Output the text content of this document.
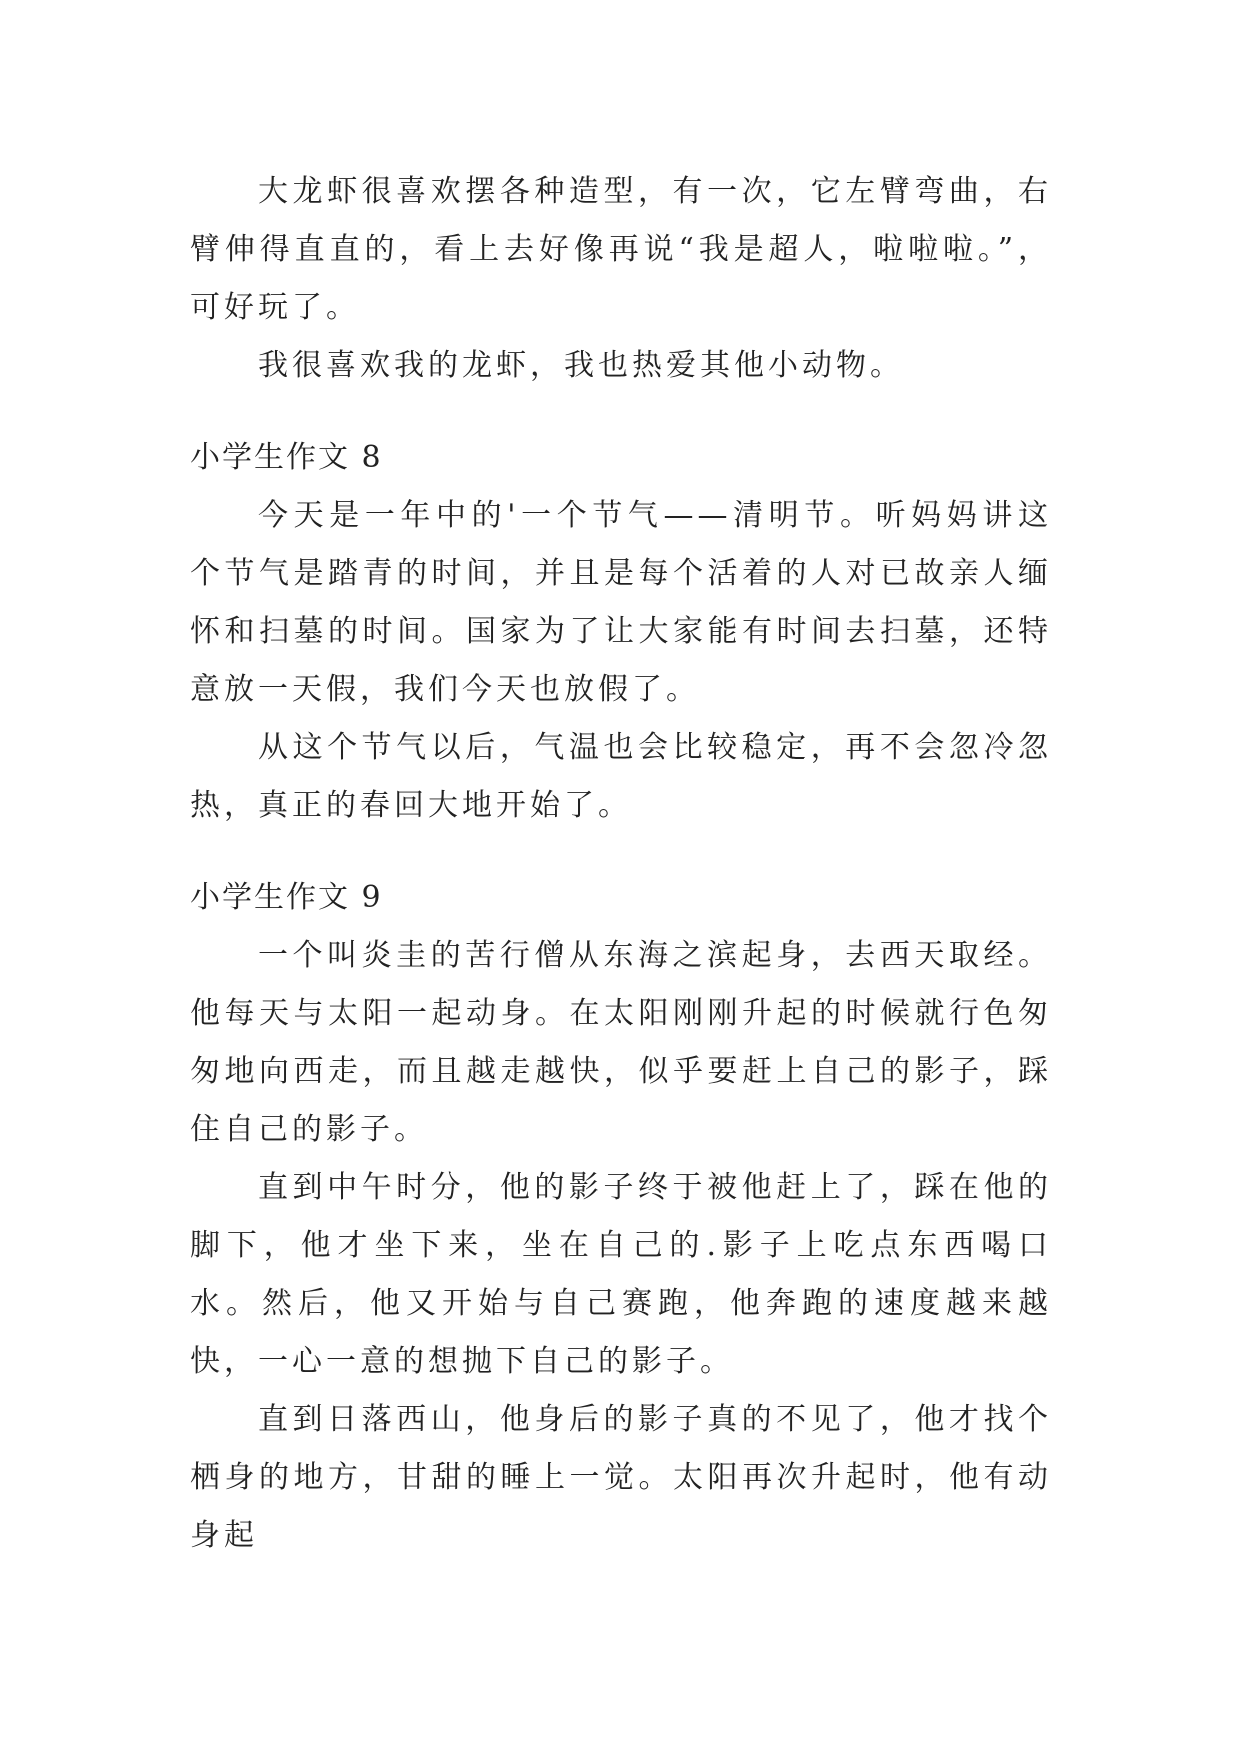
大龙虾很喜欢摆各种造型，有一次，它左臂弯曲，右臂伸得直直的，看上去好像再说“我是超人，啦啦啦。”，可好玩了。

我很喜欢我的龙虾，我也热爱其他小动物。

小学生作文 8

今天是一年中的'一个节气——清明节。听妈妈讲这个节气是踏青的时间，并且是每个活着的人对已故亲人缅怀和扫墓的时间。国家为了让大家能有时间去扫墓，还特意放一天假，我们今天也放假了。

从这个节气以后，气温也会比较稳定，再不会忽冷忽热，真正的春回大地开始了。

小学生作文 9

一个叫炎圭的苦行僧从东海之滨起身，去西天取经。他每天与太阳一起动身。在太阳刚刚升起的时候就行色匆匆地向西走，而且越走越快，似乎要赶上自己的影子，踩住自己的影子。

直到中午时分，他的影子终于被他赶上了，踩在他的脚下，他才坐下来，坐在自己的.影子上吃点东西喝口水。然后，他又开始与自己赛跑，他奔跑的速度越来越快，一心一意的想抛下自己的影子。

直到日落西山，他身后的影子真的不见了，他才找个栖身的地方，甘甜的睡上一觉。太阳再次升起时，他有动身起
